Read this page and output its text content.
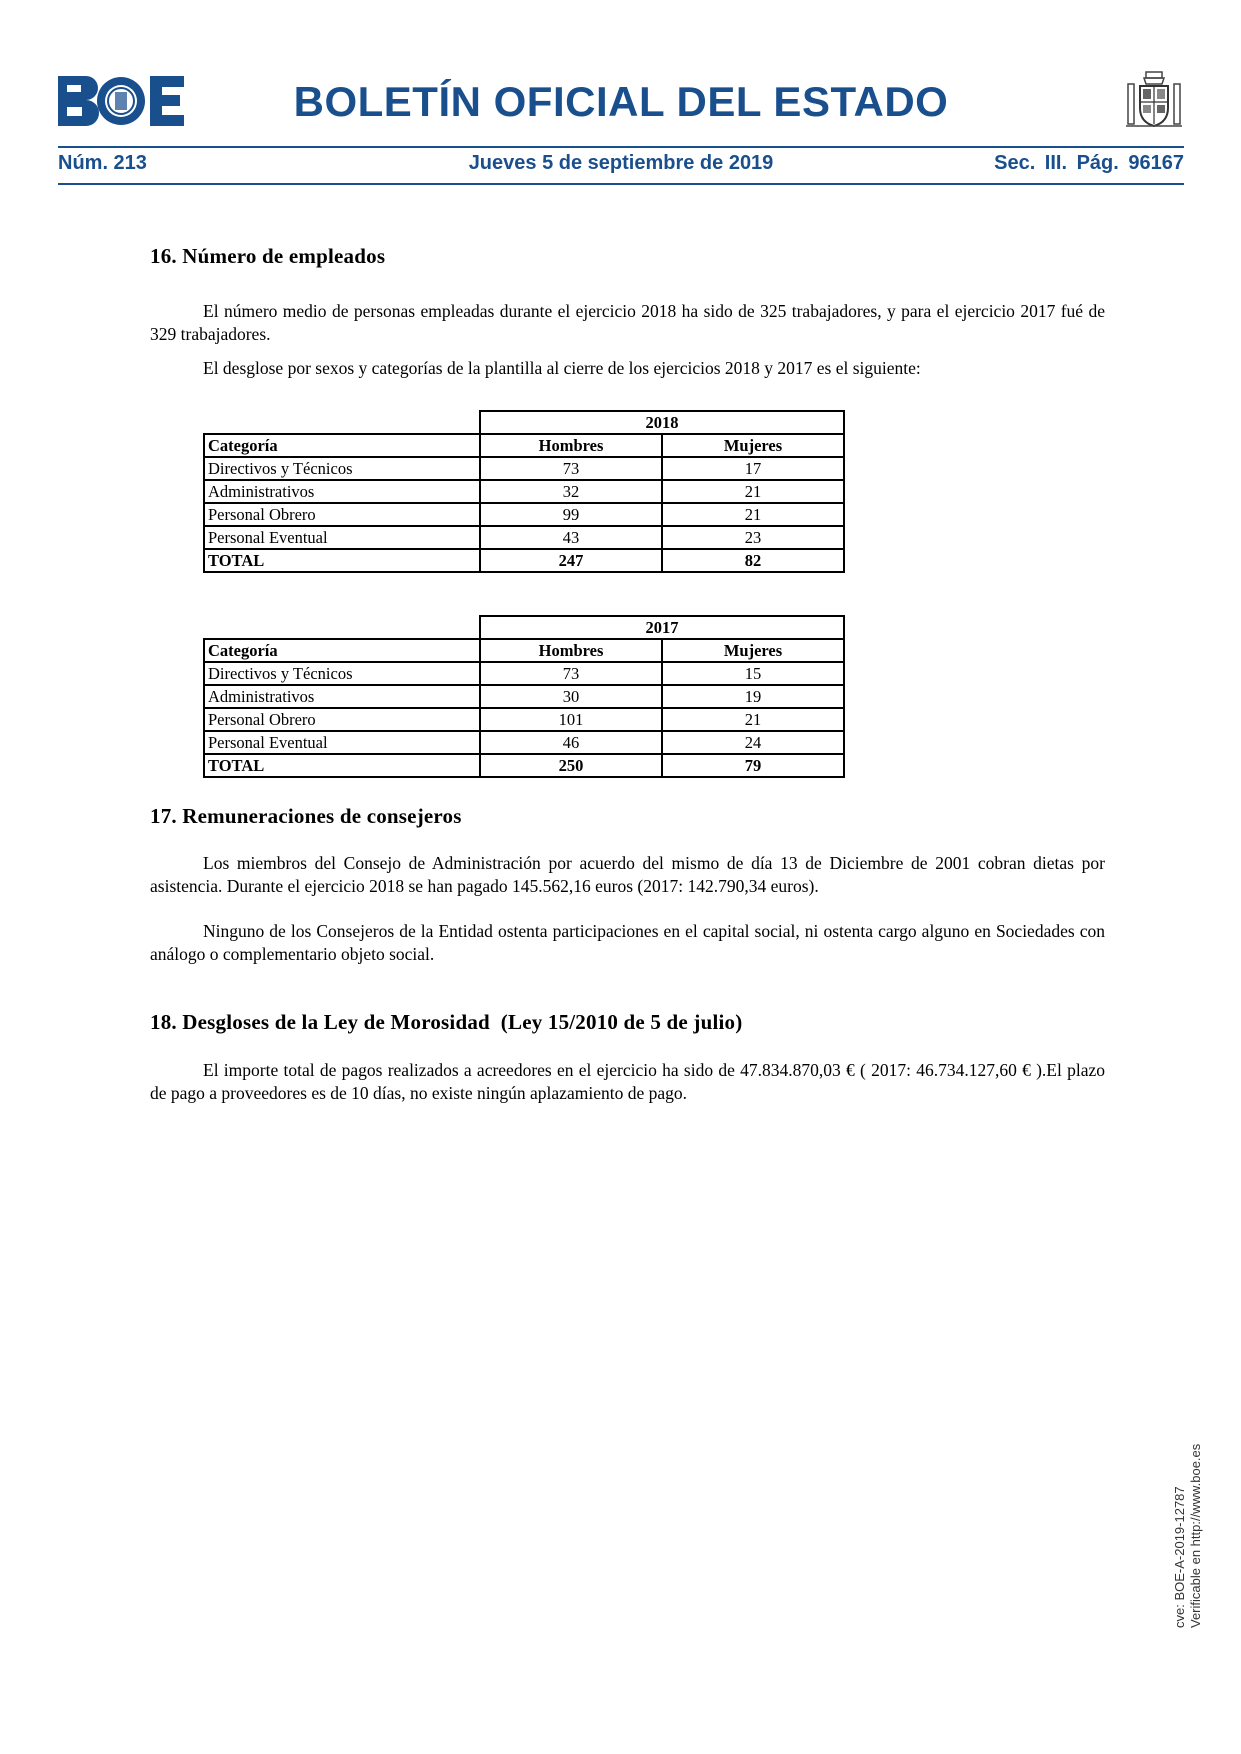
BOLETÍN OFICIAL DEL ESTADO
Núm. 213	Jueves 5 de septiembre de 2019	Sec. III. Pág. 96167
16. Número de empleados

El número medio de personas empleadas durante el ejercicio 2018 ha sido de 325 trabajadores, y para el ejercicio 2017 fué de 329 trabajadores.

El desglose por sexos y categorías de la plantilla al cierre de los ejercicios 2018 y 2017 es el siguiente:

	2018	
Categoría	Hombres	Mujeres
Directivos y Técnicos	73	17
Administrativos	32	21
Personal Obrero	99	21
Personal Eventual	43	23
TOTAL	247	82
	2017	
Categoría	Hombres	Mujeres
Directivos y Técnicos	73	15
Administrativos	30	19
Personal Obrero	101	21
Personal Eventual	46	24
TOTAL	250	79
17. Remuneraciones de consejeros

Los miembros del Consejo de Administración por acuerdo del mismo de día 13 de Diciembre de 2001 cobran dietas por asistencia. Durante el ejercicio 2018 se han pagado 145.562,16 euros (2017: 142.790,34 euros).

Ninguno de los Consejeros de la Entidad ostenta participaciones en el capital social, ni ostenta cargo alguno en Sociedades con análogo o complementario objeto social.

18. Desgloses de la Ley de Morosidad  (Ley 15/2010 de 5 de julio)

El importe total de pagos realizados a acreedores en el ejercicio ha sido de 47.834.870,03 € ( 2017: 46.734.127,60 € ).El plazo de pago a proveedores es de 10 días, no existe ningún aplazamiento de pago.

cve: BOE-A-2019-12787 Verificable en http://www.boe.es
